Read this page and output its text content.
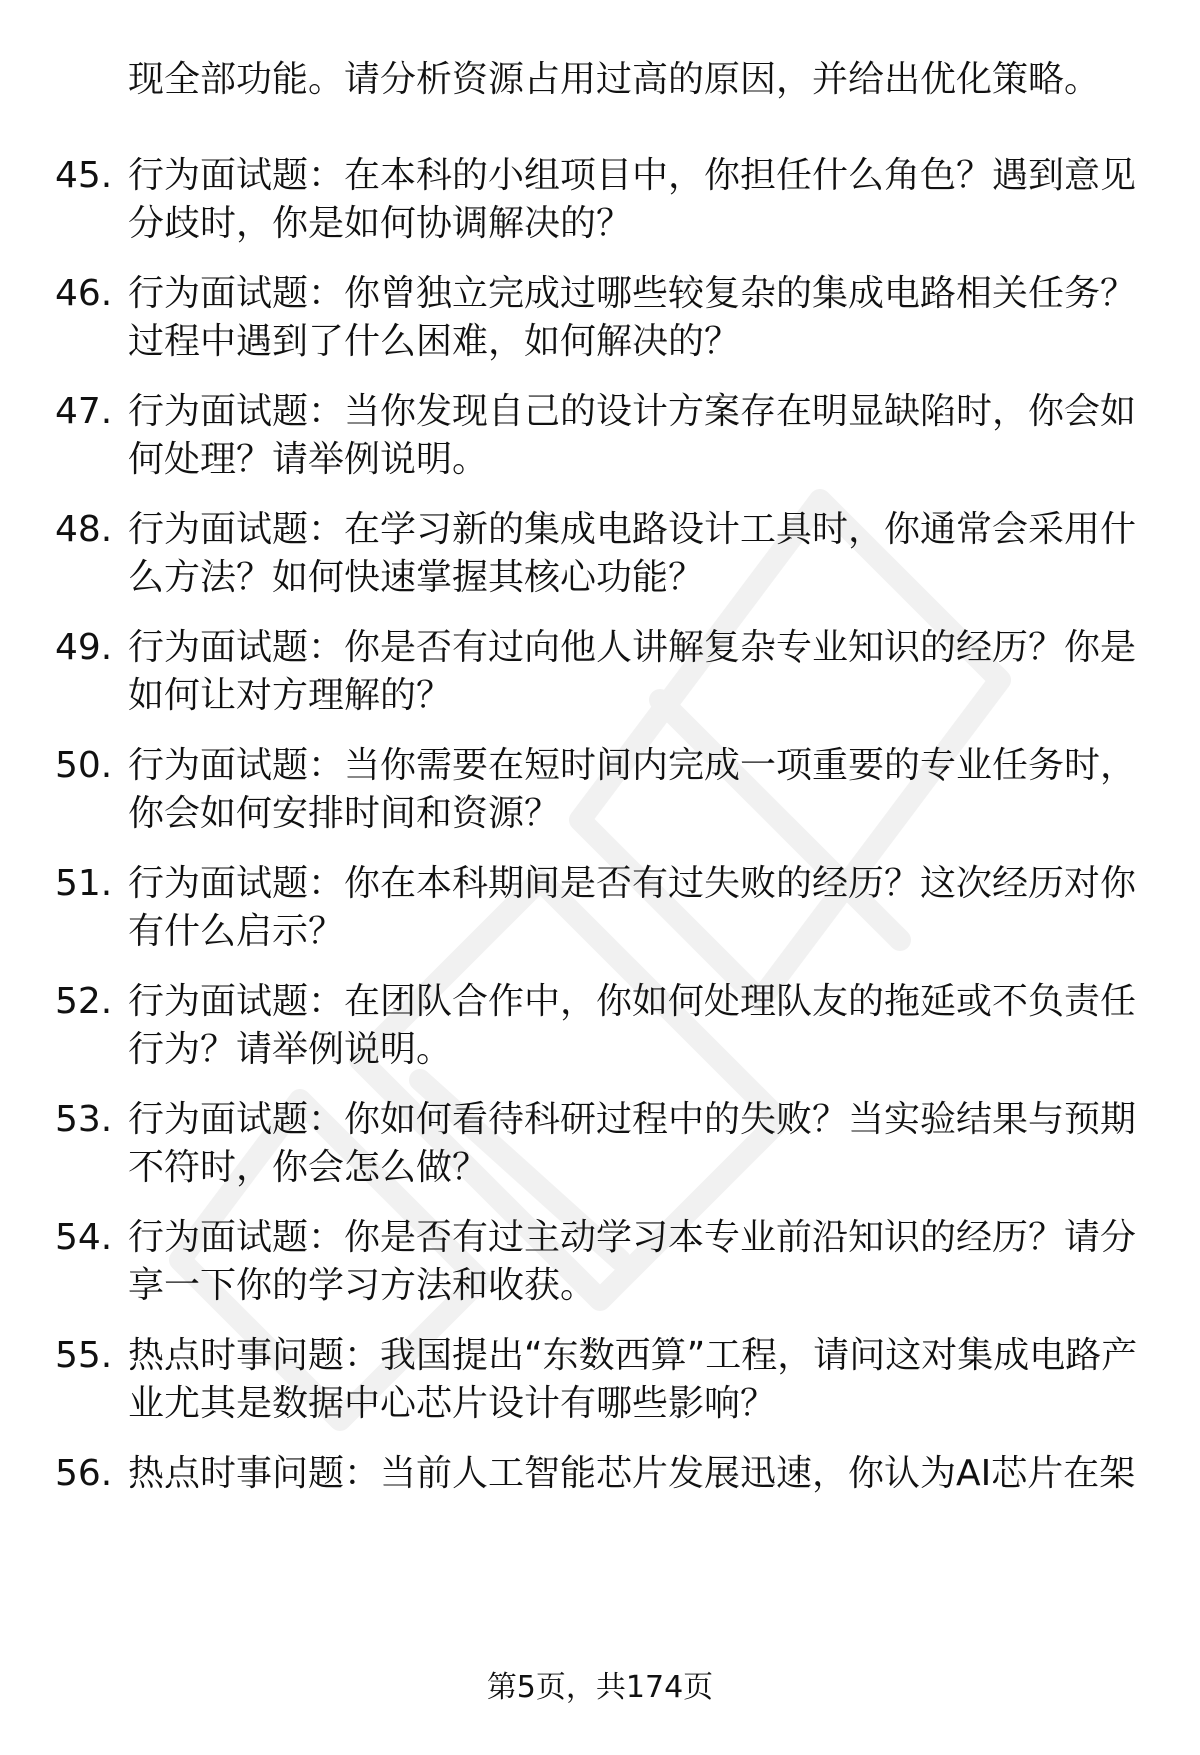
现全部功能。请分析资源占用过高的原因，并给出优化策略。
45. 行为面试题：在本科的小组项目中，你担任什么角色？遇到意见分歧时，你是如何协调解决的？
46. 行为面试题：你曾独立完成过哪些较复杂的集成电路相关任务？过程中遇到了什么困难，如何解决的？
47. 行为面试题：当你发现自己的设计方案存在明显缺陷时，你会如何处理？请举例说明。
48. 行为面试题：在学习新的集成电路设计工具时，你通常会采用什么方法？如何快速掌握其核心功能？
49. 行为面试题：你是否有过向他人讲解复杂专业知识的经历？你是如何让对方理解的？
50. 行为面试题：当你需要在短时间内完成一项重要的专业任务时，你会如何安排时间和资源？
51. 行为面试题：你在本科期间是否有过失败的经历？这次经历对你有什么启示？
52. 行为面试题：在团队合作中，你如何处理队友的拖延或不负责任行为？请举例说明。
53. 行为面试题：你如何看待科研过程中的失败？当实验结果与预期不符时，你会怎么做？
54. 行为面试题：你是否有过主动学习本专业前沿知识的经历？请分享一下你的学习方法和收获。
55. 热点时事问题：我国提出“东数西算”工程，请问这对集成电路产业尤其是数据中心芯片设计有哪些影响？
56. 热点时事问题：当前人工智能芯片发展迅速，你认为AI芯片在架
第5页，共174页
